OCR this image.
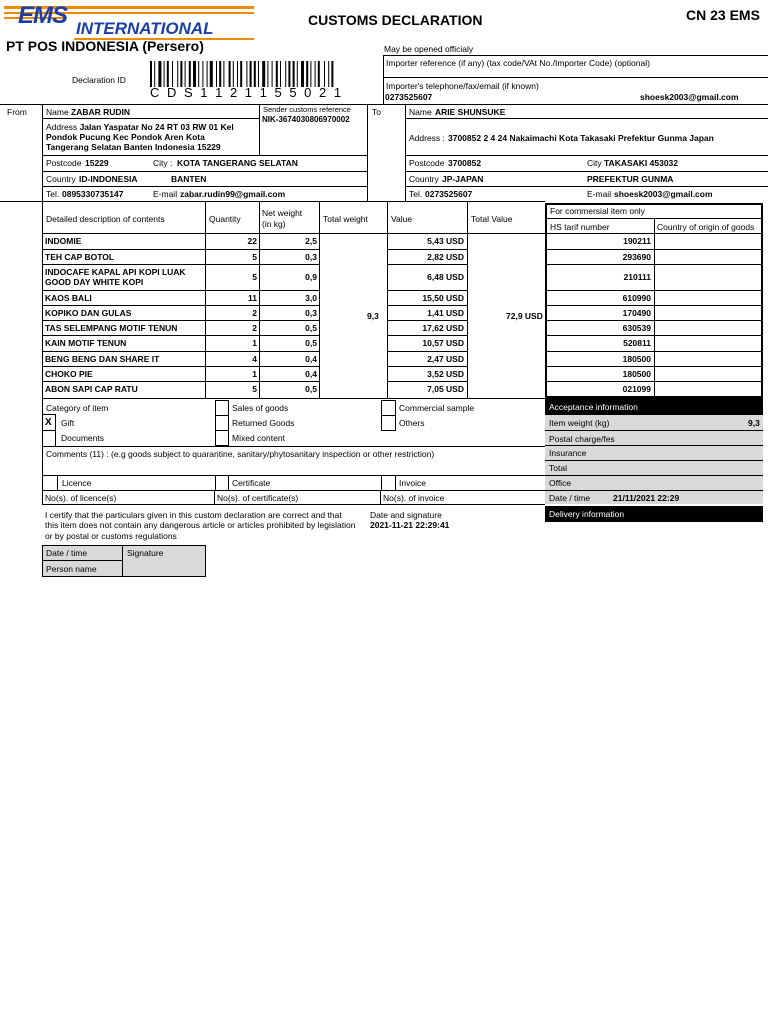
EMS INTERNATIONAL
PT POS INDONESIA (Persero)
CUSTOMS DECLARATION	CN 23 EMS
Declaration ID
C D S 1 1 2 1 1 5 5 0 2 1
May be opened officialy
Importer reference (if any) (tax code/VAt No./Importer Code) (optional)
Importer's telephone/fax/email (if known)
0273525607	shoesk2003@gmail.com
From Name ZABAR RUDIN	Sender customs reference
NIK-3674030806970002
To	Name ARIE SHUNSUKE
Address Jalan Yaspatar No 24 RT 03 RW 01 Kel
Pondok Pucung Kec Pondok Aren Kota
Tangerang Selatan Banten Indonesia 15229
Address : 3700852 2 4 24 Nakaimachi Kota Takasaki Prefektur Gunma Japan
Postcode 15229	City : KOTA TANGERANG SELATAN	Postcode 3700852	City TAKASAKI 453032
Country ID-INDONESIA	BANTEN	Country JP-JAPAN	PREFEKTUR GUNMA
Tel. 0895330735147	E-mail zabar.rudin99@gmail.com	Tel. 0273525607	E-mail shoesk2003@gmail.com
Detailed description of contents	Quantity
Net weight
(in kg)	Total weight	Value	Total Value
For commersial item only
HS tarif number	Country of origin of goods
INDOMIE	22	2,5	5,43 USD	190211
TEH CAP BOTOL	5	0,3	2,82 USD	293690
INDOCAFE KAPAL API KOPI LUAK GOOD DAY WHITE KOPI	5	0,9	6,48 USD	210111
KAOS BALI	11	3,0	15,50 USD	610990
KOPIKO DAN GULAS	2	0,3	1,41 USD	170490
TAS SELEMPANG MOTIF TENUN	2	0,5	17,62 USD	630539
KAIN MOTIF TENUN	1	0,5	10,57 USD	520811
BENG BENG DAN SHARE IT	4	0,4	2,47 USD	180500
CHOKO PIE	1	0,4	3,52 USD	180500
ABON SAPI CAP RATU	5	0,5	7,05 USD	021099
9,3	72,9 USD
Category of item
X Gift
Documents
Sales of goods
Returned Goods
Mixed content
Commercial sample
Others
Comments (11) : (e.g goods subject to quarantine, sanitary/phytosanitary inspection or other restriction)
Licence	Certificate	Invoice
No(s). of licence(s)	No(s). of certificate(s)	No(s). of invoice
Acceptance information
Item weight (kg)	9,3
Postal charge/fes
Insurance
Total
Office
Date / time	21/11/2021 22:29
Delivery information
I certify that the particulars given in this custom declaration are correct and that
this item does not contain any dangerous article or articles prohibited by legislation
or by postal or customs regulations
Date and signature
2021-11-21 22:29:41
Date / time	Signature
Person name
